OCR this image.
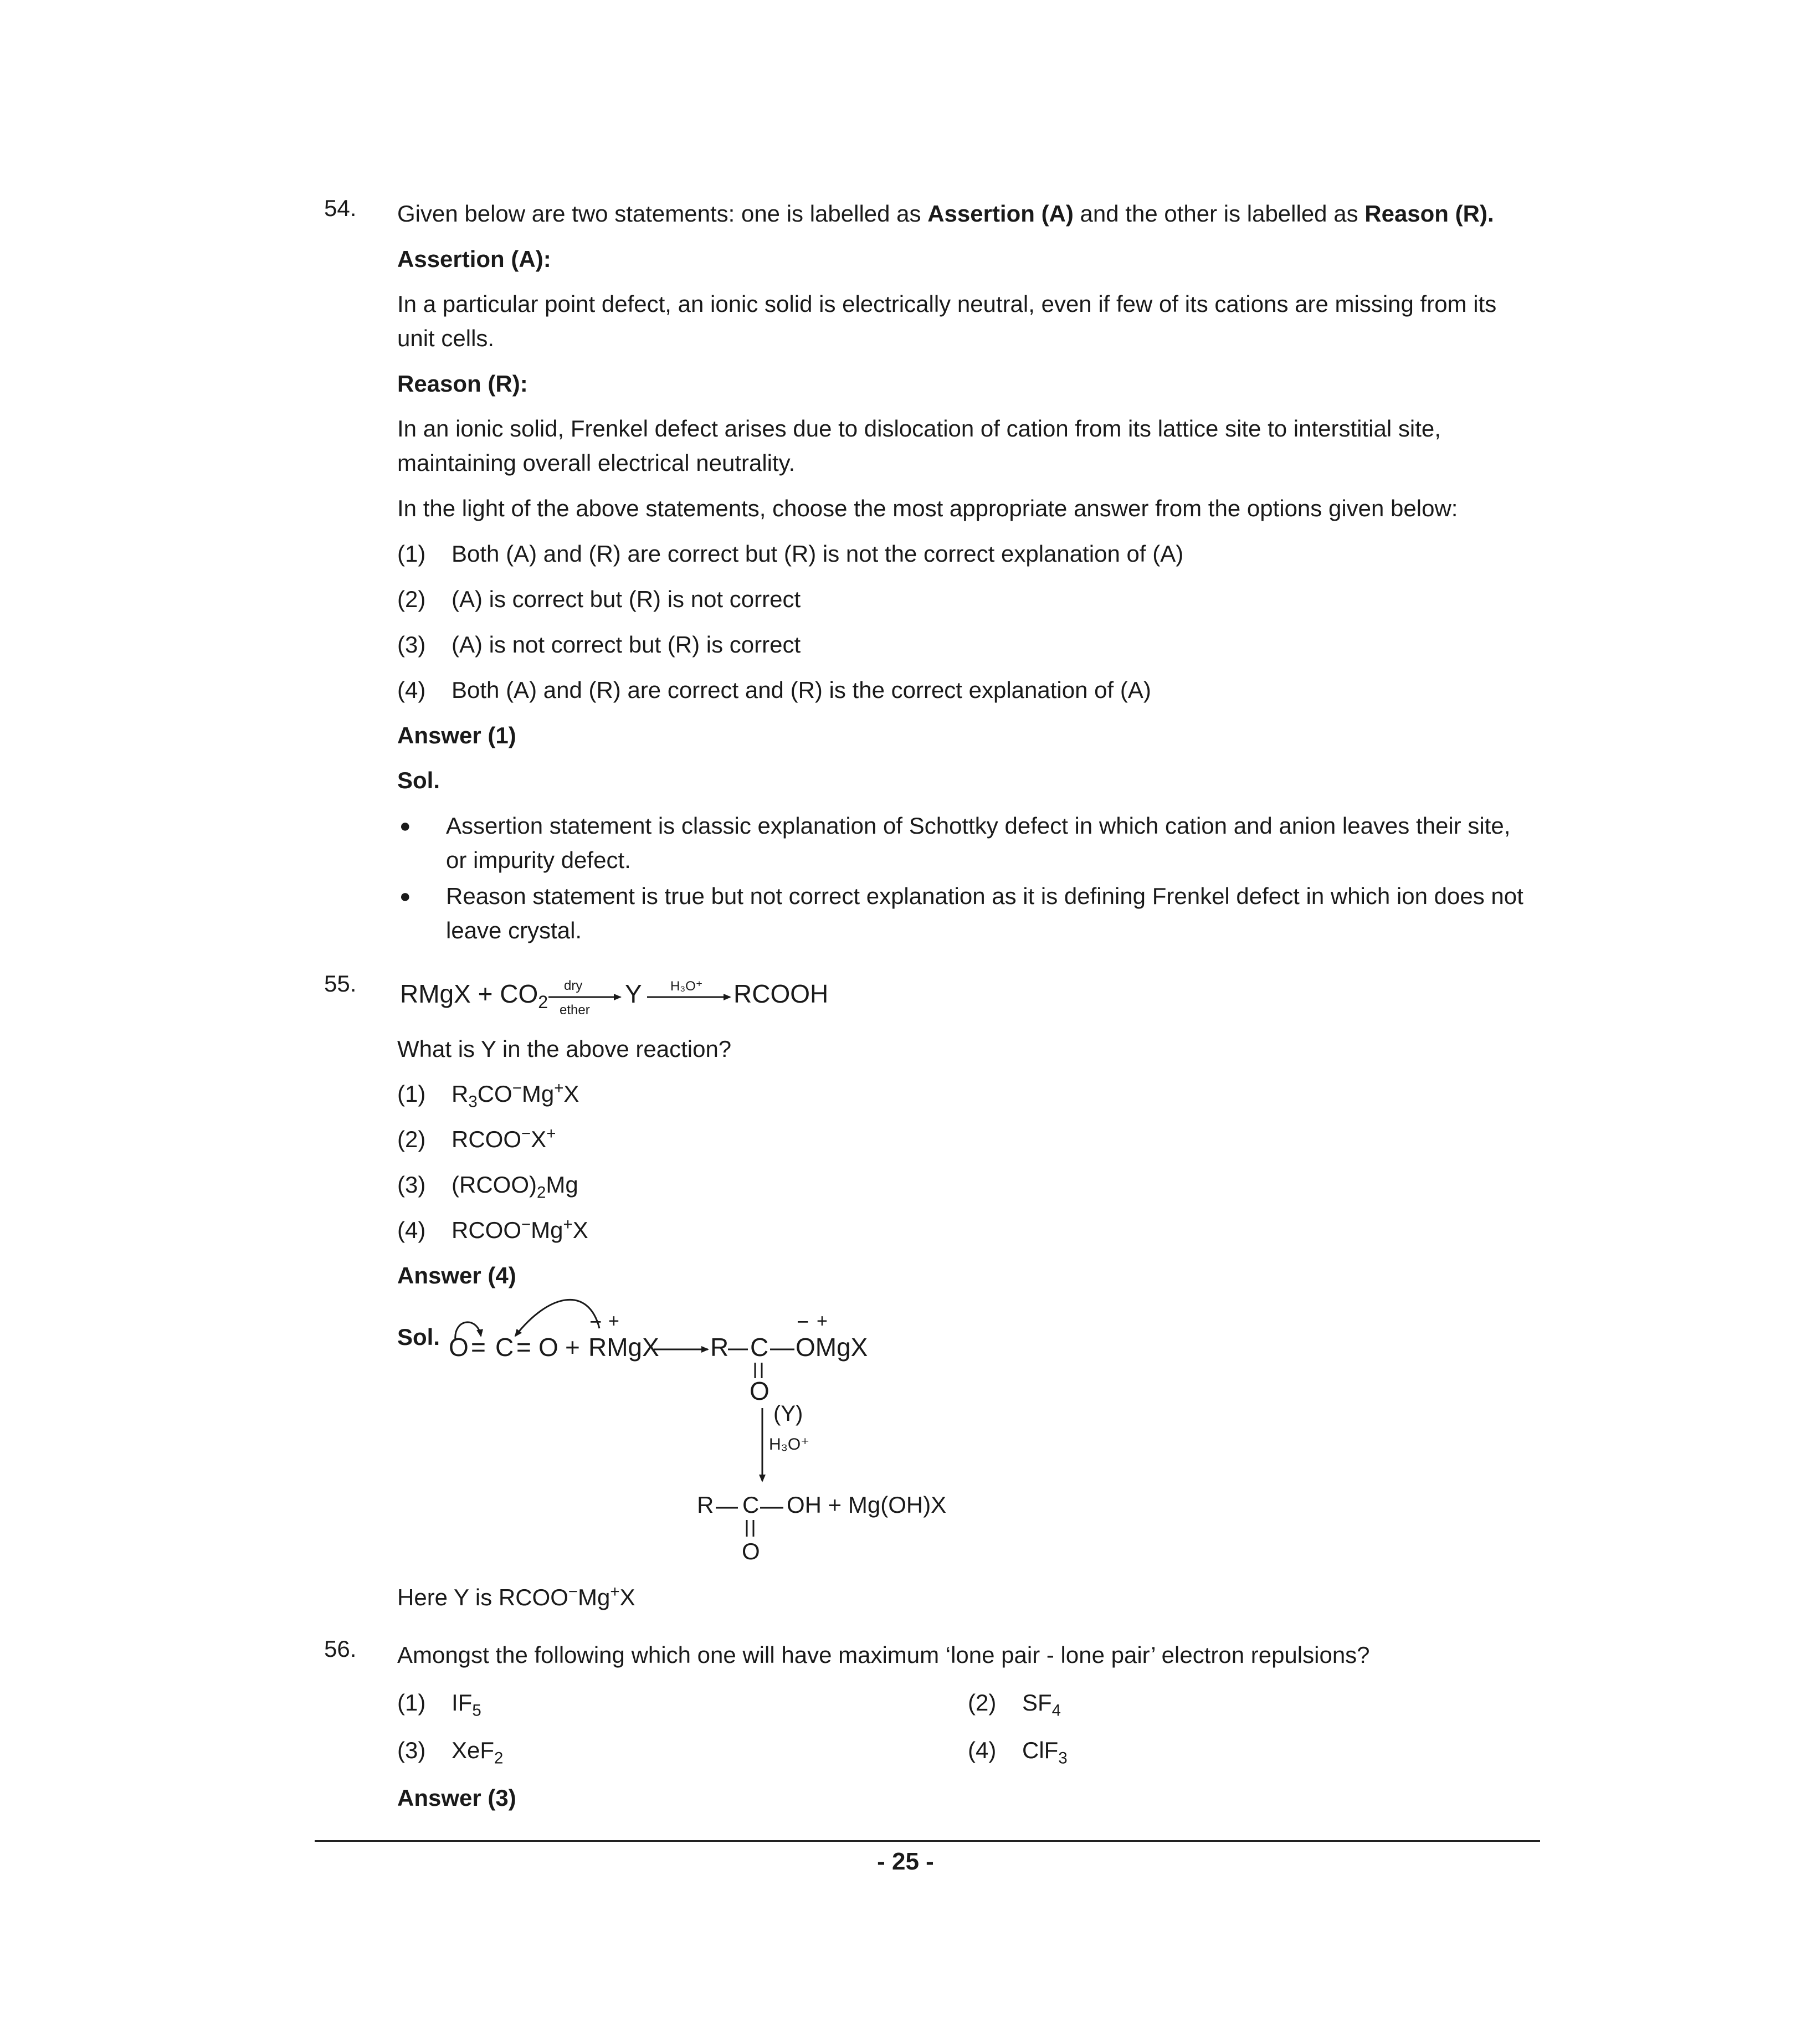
54. Given below are two statements: one is labelled as Assertion (A) and the other is labelled as Reason (R).
Assertion (A):
In a particular point defect, an ionic solid is electrically neutral, even if few of its cations are missing from its unit cells.
Reason (R):
In an ionic solid, Frenkel defect arises due to dislocation of cation from its lattice site to interstitial site, maintaining overall electrical neutrality.
In the light of the above statements, choose the most appropriate answer from the options given below:
(1) Both (A) and (R) are correct but (R) is not the correct explanation of (A)
(2) (A) is correct but (R) is not correct
(3) (A) is not correct but (R) is correct
(4) Both (A) and (R) are correct and (R) is the correct explanation of (A)
Answer (1)
Sol.
● Assertion statement is classic explanation of Schottky defect in which cation and anion leaves their site, or impurity defect.
● Reason statement is true but not correct explanation as it is defining Frenkel defect in which ion does not leave crystal.
55. RMgX + $CO_2$
dry
ether
Y H₃O⁺ RCOOH
What is Y in the above reaction?
(1) $R_3CO^-Mg^+X$
(2) RCOO−X+
(3) $(RCOO)_2Mg$
(4) RCOO−Mg+X
Answer (4)
Sol. O = C = O + RMgX
− +
R C OMgX
− +
O
(Y)
H₃O⁺
R C OH + Mg(OH)X
O
Here Y is RCOO−Mg+X
56. Amongst the following which one will have maximum ‘lone pair - lone pair’ electron repulsions?
(1) $IF_5$	(2) $SF_4$
(3) XeF$_2$	(4) ClF$_3$
Answer (3)
- 25 -
